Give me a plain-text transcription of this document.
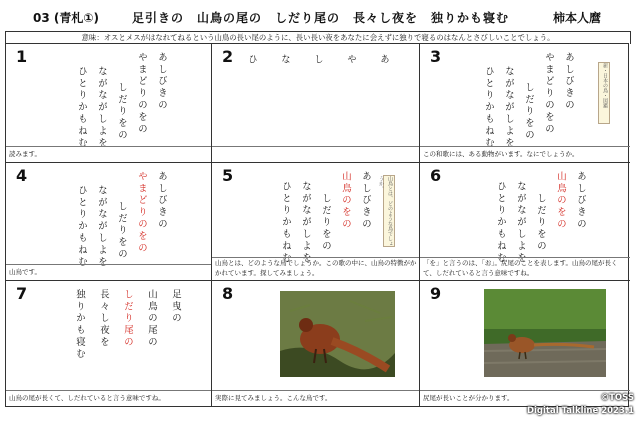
03 (青札①)	足引きの　山鳥の尾の　しだり尾の　長々し夜を　独りかも寝む	柿本人麿
意味：オスとメスがはなれてねるという山鳥の長い尾のように、長い長い夜をあなたに会えずに独りで寝るのはなんとさびしいことでしょう。
1	あしびきの
やまどりのをの
しだりをの
ながながしよを
ひとりかもねむ
読みます。
2	あ
や
し
な
ひ	3	あしびきの
やまどりのをの
しだりをの
ながながしよを
ひとりかもねむ	新・日本の鳥・図鑑
この和歌には、ある動物がいます。なにでしょうか。
4	あしびきの
やまどりのをの
しだりをの
ながながしよを
ひとりかもねむ
山鳥です。
5	あしびきの
山鳥のをの
しだりをの
ながながしよを
ひとりかもねむ	山鳥とは、どのような鳥でしょうか。
山鳥とは、どのような鳥でしょうか。この歌の中に、山鳥の特徴がかかれています。探してみましょう。
6	あしびきの
山鳥のをの
しだりをの
ながながしよを
ひとりかもねむ
「を」と言うのは、「お」。尻尾のことを表します。山鳥の尾が長くて、しだれていると言う意味ですね。
7	足曳の
山鳥の尾の
しだり尾の
長々し夜を
独りかも寝む
山鳥の尾が長くて、しだれていると言う意味ですね。
8
実際に見てみましょう。こんな鳥です。
9
尻尾が長いことが分かります。	©TOSS
Digital Talkline 2023.1
